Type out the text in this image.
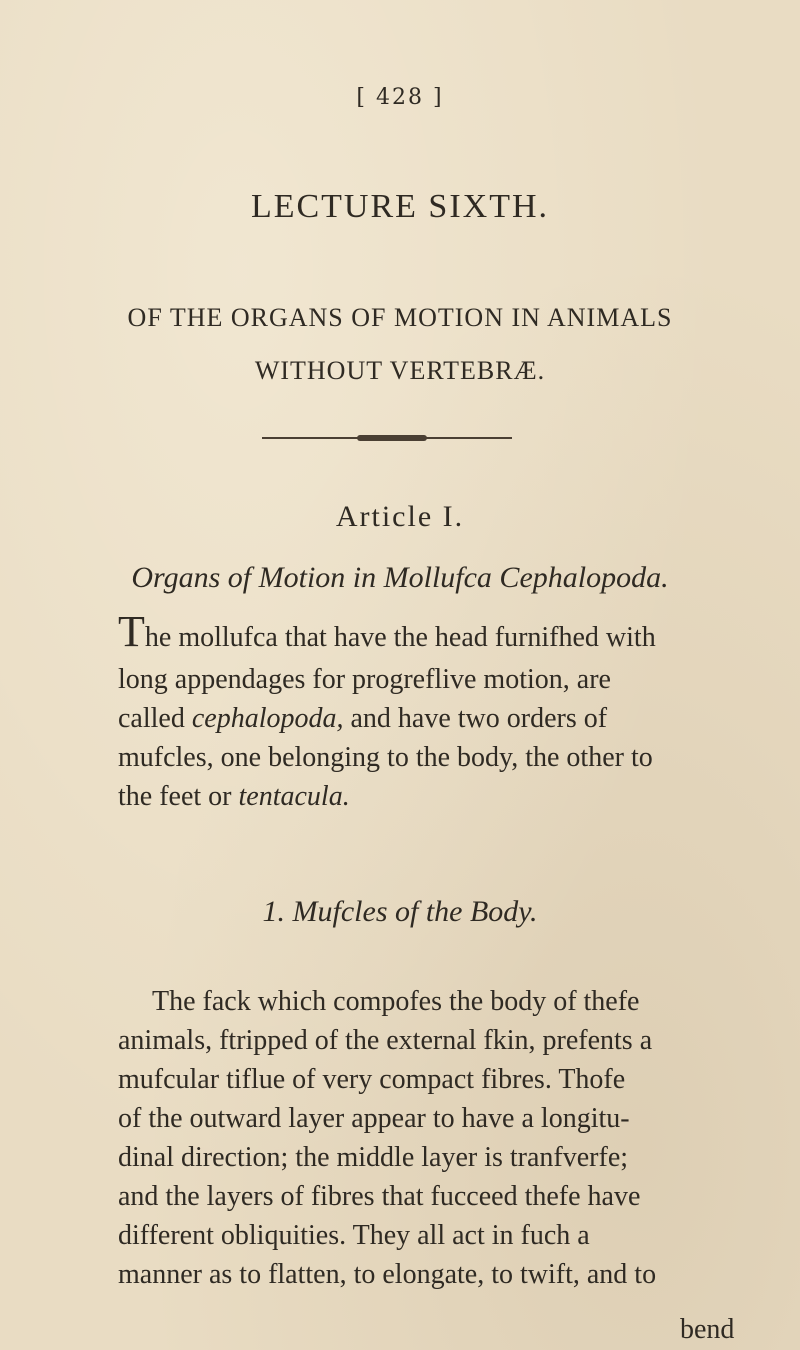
[ 428 ]
LECTURE SIXTH.
OF THE ORGANS OF MOTION IN ANIMALS
WITHOUT VERTEBRÆ.
Article I.
Organs of Motion in Mollufca Cephalopoda.
The mollufca that have the head furnifhed with
long appendages for progreflive motion, are
called cephalopoda, and have two orders of
mufcles, one belonging to the body, the other to
the feet or tentacula.
1. Mufcles of the Body.
The fack which compofes the body of thefe
animals, ftripped of the external fkin, prefents a
mufcular tiflue of very compact fibres. Thofe
of the outward layer appear to have a longitu-
dinal direction; the middle layer is tranfverfe;
and the layers of fibres that fucceed thefe have
different obliquities. They all act in fuch a
manner as to flatten, to elongate, to twift, and to
bend
